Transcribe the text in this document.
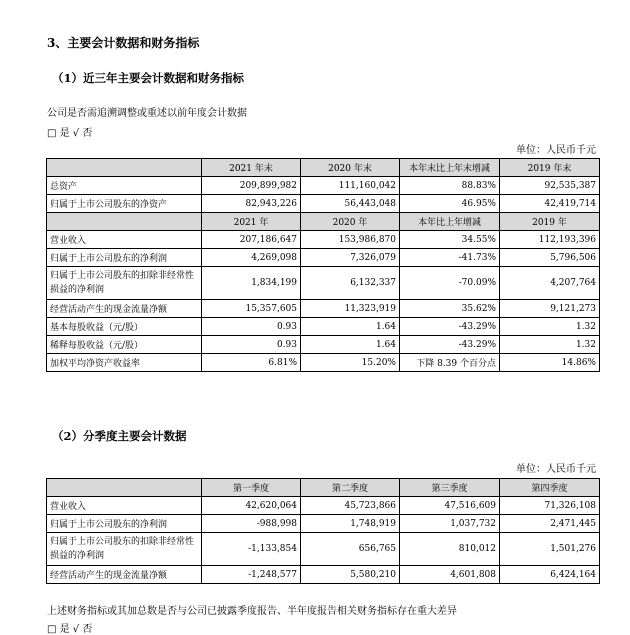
3、主要会计数据和财务指标
（1）近三年主要会计数据和财务指标
公司是否需追溯调整或重述以前年度会计数据
□ 是 √ 否
单位：人民币千元
	2021 年末	2020 年末	本年末比上年末增减	2019 年末
总资产	209,899,982	111,160,042	88.83%	92,535,387
归属于上市公司股东的净资产	82,943,226	56,443,048	46.95%	42,419,714
	2021 年	2020 年	本年比上年增减	2019 年
营业收入	207,186,647	153,986,870	34.55%	112,193,396
归属于上市公司股东的净利润	4,269,098	7,326,079	-41.73%	5,796,506
归属于上市公司股东的扣除非经常性损益的净利润	1,834,199	6,132,337	-70.09%	4,207,764
经营活动产生的现金流量净额	15,357,605	11,323,919	35.62%	9,121,273
基本每股收益（元/股）	0.93	1.64	-43.29%	1.32
稀释每股收益（元/股）	0.93	1.64	-43.29%	1.32
加权平均净资产收益率	6.81%	15.20%	下降 8.39 个百分点	14.86%
（2）分季度主要会计数据
单位：人民币千元
	第一季度	第二季度	第三季度	第四季度
营业收入	42,620,064	45,723,866	47,516,609	71,326,108
归属于上市公司股东的净利润	-988,998	1,748,919	1,037,732	2,471,445
归属于上市公司股东的扣除非经常性损益的净利润	-1,133,854	656,765	810,012	1,501,276
经营活动产生的现金流量净额	-1,248,577	5,580,210	4,601,808	6,424,164
上述财务指标或其加总数是否与公司已披露季度报告、半年度报告相关财务指标存在重大差异
□ 是 √ 否
